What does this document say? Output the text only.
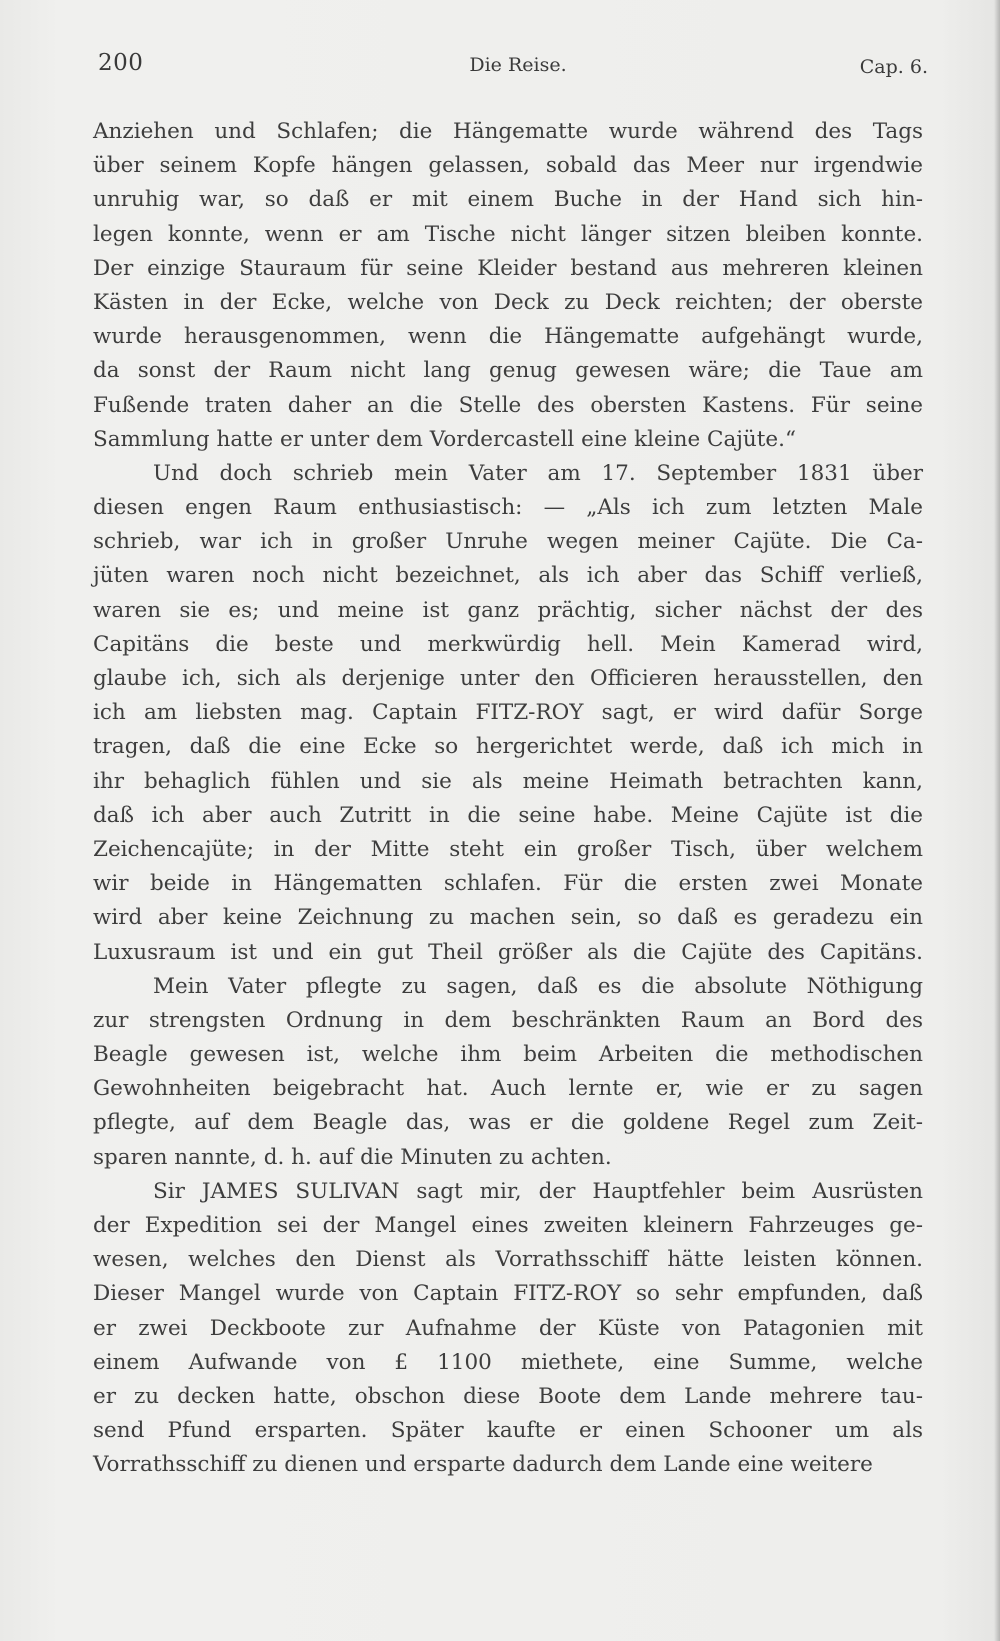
200	Die Reise.	Cap. 6.
Anziehen und Schlafen; die Hängematte wurde während des Tags
über seinem Kopfe hängen gelassen, sobald das Meer nur irgendwie
unruhig war, so daß er mit einem Buche in der Hand sich hin-
legen konnte, wenn er am Tische nicht länger sitzen bleiben konnte.
Der einzige Stauraum für seine Kleider bestand aus mehreren kleinen
Kästen in der Ecke, welche von Deck zu Deck reichten; der oberste
wurde herausgenommen, wenn die Hängematte aufgehängt wurde,
da sonst der Raum nicht lang genug gewesen wäre; die Taue am
Fußende traten daher an die Stelle des obersten Kastens. Für seine
Sammlung hatte er unter dem Vordercastell eine kleine Cajüte.“
Und doch schrieb mein Vater am 17. September 1831 über
diesen engen Raum enthusiastisch: — „Als ich zum letzten Male
schrieb, war ich in großer Unruhe wegen meiner Cajüte. Die Ca-
jüten waren noch nicht bezeichnet, als ich aber das Schiff verließ,
waren sie es; und meine ist ganz prächtig, sicher nächst der des
Capitäns die beste und merkwürdig hell. Mein Kamerad wird,
glaube ich, sich als derjenige unter den Officieren herausstellen, den
ich am liebsten mag. Captain FITZ-ROY sagt, er wird dafür Sorge
tragen, daß die eine Ecke so hergerichtet werde, daß ich mich in
ihr behaglich fühlen und sie als meine Heimath betrachten kann,
daß ich aber auch Zutritt in die seine habe. Meine Cajüte ist die
Zeichencajüte; in der Mitte steht ein großer Tisch, über welchem
wir beide in Hängematten schlafen. Für die ersten zwei Monate
wird aber keine Zeichnung zu machen sein, so daß es geradezu ein
Luxusraum ist und ein gut Theil größer als die Cajüte des Capitäns.
Mein Vater pflegte zu sagen, daß es die absolute Nöthigung
zur strengsten Ordnung in dem beschränkten Raum an Bord des
Beagle gewesen ist, welche ihm beim Arbeiten die methodischen
Gewohnheiten beigebracht hat. Auch lernte er, wie er zu sagen
pflegte, auf dem Beagle das, was er die goldene Regel zum Zeit-
sparen nannte, d. h. auf die Minuten zu achten.
Sir JAMES SULIVAN sagt mir, der Hauptfehler beim Ausrüsten
der Expedition sei der Mangel eines zweiten kleinern Fahrzeuges ge-
wesen, welches den Dienst als Vorrathsschiff hätte leisten können.
Dieser Mangel wurde von Captain FITZ-ROY so sehr empfunden, daß
er zwei Deckboote zur Aufnahme der Küste von Patagonien mit
einem Aufwande von £ 1100 miethete, eine Summe, welche
er zu decken hatte, obschon diese Boote dem Lande mehrere tau-
send Pfund ersparten. Später kaufte er einen Schooner um als
Vorrathsschiff zu dienen und ersparte dadurch dem Lande eine weitere
